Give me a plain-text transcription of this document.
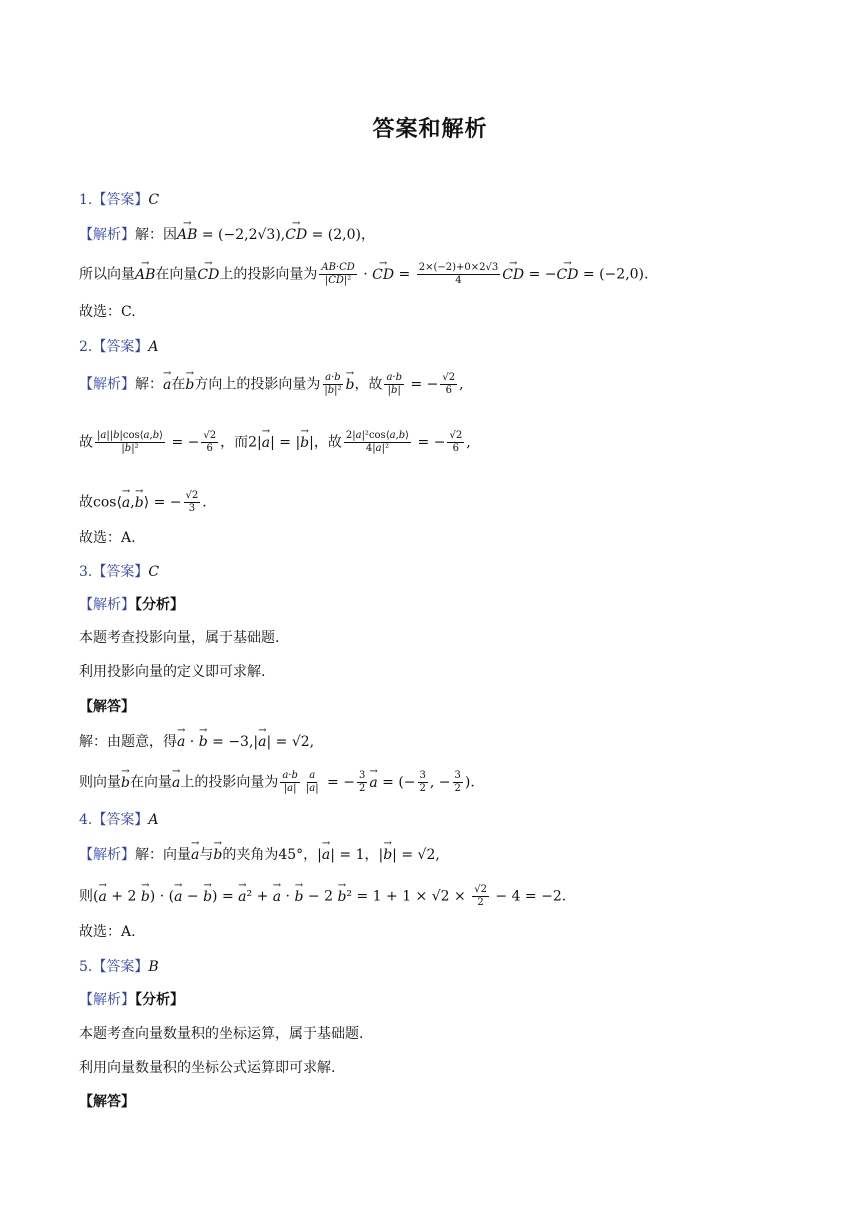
答案和解析
1.【答案】C
【解析】解：因→ AB = (−2,2√3),→ CD = (2,0)，
所以向量→ AB在向量→ CD上的投影向量为 $\frac{AB\cdot CD}{\text{|CD|²}}$ · → CD = $\frac{2\times(-2)+0\times 2√3}{4}$ → CD = −→ CD = (−2,0).
故选：C.
2.【答案】A
【解析】解：→ a在→ b方向上的投影向量为 $\frac{a\cdot b}{\text{|b|²}} \to b$，故 $\frac{a\cdot b}{|b|}$ = − $\frac{√2}{6}$ ,
故 $\frac{|a||b|\cos⟨a,b⟩}{\text{|b|²}}$ = − $\frac{√2}{6}$ ，而2|→ a| = |→ b|，故 $\frac{\text{2|a|²cos⟨a,b⟩}}{\text{4|a|²}}$ = − $\frac{√2}{6}$ ,
故cos⟨→ a,→ b⟩ = − $\frac{√2}{3}$ .
故选：A.
3.【答案】C
【解析】【分析】
本题考查投影向量，属于基础题.
利用投影向量的定义即可求解.
【解答】
解：由题意，得→ a · → b = −3,|→ a| = √2,
则向量→ b在向量→ a上的投影向量为 $\frac{a\cdot b}{|a|} \frac{a}{|a|}$ = − $\frac{3}{2} \to a$ = (− $\frac{3}{2}$ , − $\frac{3}{2}$ ).
4.【答案】A
【解析】解：向量→ a与→ b的夹角为45°，|→ a| = 1，|→ b| = √2,
则(→ a + 2 → b) · (→ a − → b) = → a² + → a · → $b - 2 \to b^2 = 1 + 1 \times √2 \times \frac{√2}{2} - 4 = -2$.
故选：A.
5.【答案】B
【解析】【分析】
本题考查向量数量积的坐标运算，属于基础题.
利用向量数量积的坐标公式运算即可求解.
【解答】
